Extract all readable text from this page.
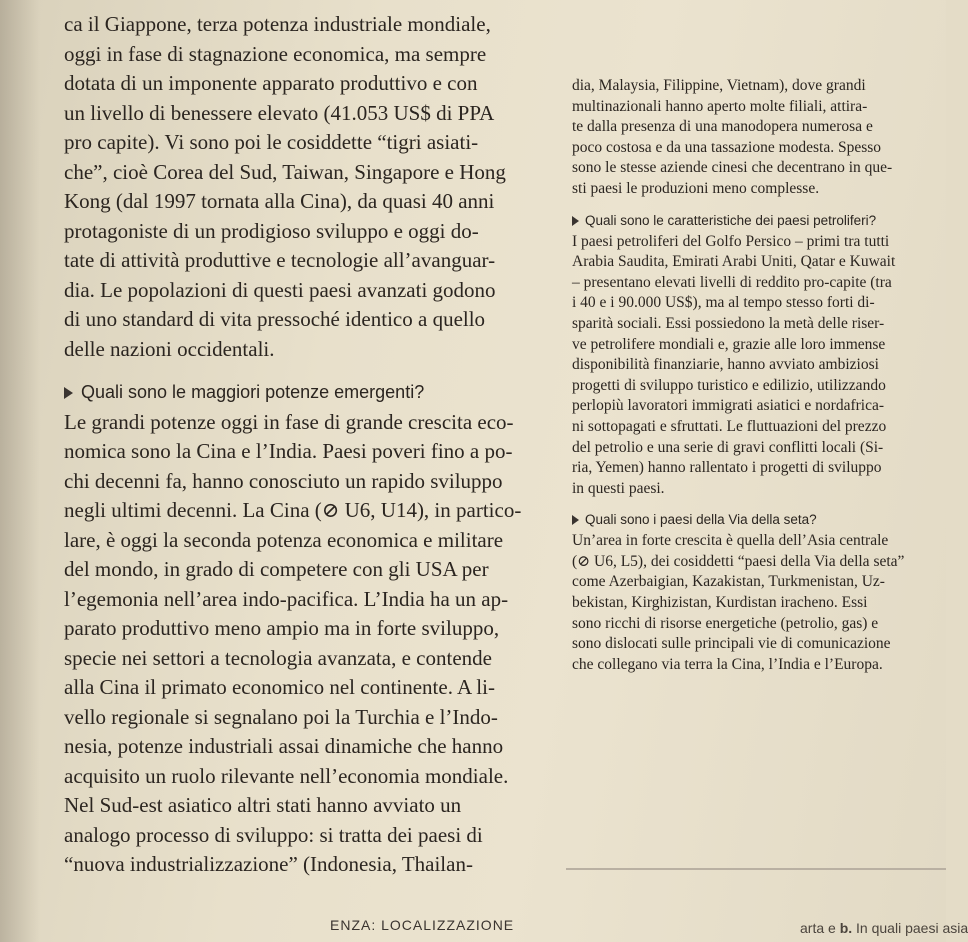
ca il Giappone, terza potenza industriale mondiale,
oggi in fase di stagnazione economica, ma sempre
dotata di un imponente apparato produttivo e con
un livello di benessere elevato (41.053 US$ di PPA
pro capite). Vi sono poi le cosiddette “tigri asiati-
che”, cioè Corea del Sud, Taiwan, Singapore e Hong
Kong (dal 1997 tornata alla Cina), da quasi 40 anni
protagoniste di un prodigioso sviluppo e oggi do-
tate di attività produttive e tecnologie all’avanguar-
dia. Le popolazioni di questi paesi avanzati godono
di uno standard di vita pressoché identico a quello
delle nazioni occidentali.
Quali sono le maggiori potenze emergenti?
Le grandi potenze oggi in fase di grande crescita eco-
nomica sono la Cina e l’India. Paesi poveri fino a po-
chi decenni fa, hanno conosciuto un rapido sviluppo
negli ultimi decenni. La Cina (⊘ U6, U14), in partico-
lare, è oggi la seconda potenza economica e militare
del mondo, in grado di competere con gli USA per
l’egemonia nell’area indo-pacifica. L’India ha un ap-
parato produttivo meno ampio ma in forte sviluppo,
specie nei settori a tecnologia avanzata, e contende
alla Cina il primato economico nel continente. A li-
vello regionale si segnalano poi la Turchia e l’Indo-
nesia, potenze industriali assai dinamiche che hanno
acquisito un ruolo rilevante nell’economia mondiale.
Nel Sud-est asiatico altri stati hanno avviato un
analogo processo di sviluppo: si tratta dei paesi di
“nuova industrializzazione” (Indonesia, Thailan-
dia, Malaysia, Filippine, Vietnam), dove grandi
multinazionali hanno aperto molte filiali, attira-
te dalla presenza di una manodopera numerosa e
poco costosa e da una tassazione modesta. Spesso
sono le stesse aziende cinesi che decentrano in que-
sti paesi le produzioni meno complesse.
Quali sono le caratteristiche dei paesi petroliferi?
I paesi petroliferi del Golfo Persico – primi tra tutti
Arabia Saudita, Emirati Arabi Uniti, Qatar e Kuwait
– presentano elevati livelli di reddito pro-capite (tra
i 40 e i 90.000 US$), ma al tempo stesso forti di-
sparità sociali. Essi possiedono la metà delle riser-
ve petrolifere mondiali e, grazie alle loro immense
disponibilità finanziarie, hanno avviato ambiziosi
progetti di sviluppo turistico e edilizio, utilizzando
perlopiù lavoratori immigrati asiatici e nordafrica-
ni sottopagati e sfruttati. Le fluttuazioni del prezzo
del petrolio e una serie di gravi conflitti locali (Si-
ria, Yemen) hanno rallentato i progetti di sviluppo
in questi paesi.
Quali sono i paesi della Via della seta?
Un’area in forte crescita è quella dell’Asia centrale
(⊘ U6, L5), dei cosiddetti “paesi della Via della seta”
come Azerbaigian, Kazakistan, Turkmenistan, Uz-
bekistan, Kirghizistan, Kurdistan iracheno. Essi
sono ricchi di risorse energetiche (petrolio, gas) e
sono dislocati sulle principali vie di comunicazione
che collegano via terra la Cina, l’India e l’Europa.
ENZA: LOCALIZZAZIONE	arta e b. In quali paesi asia
